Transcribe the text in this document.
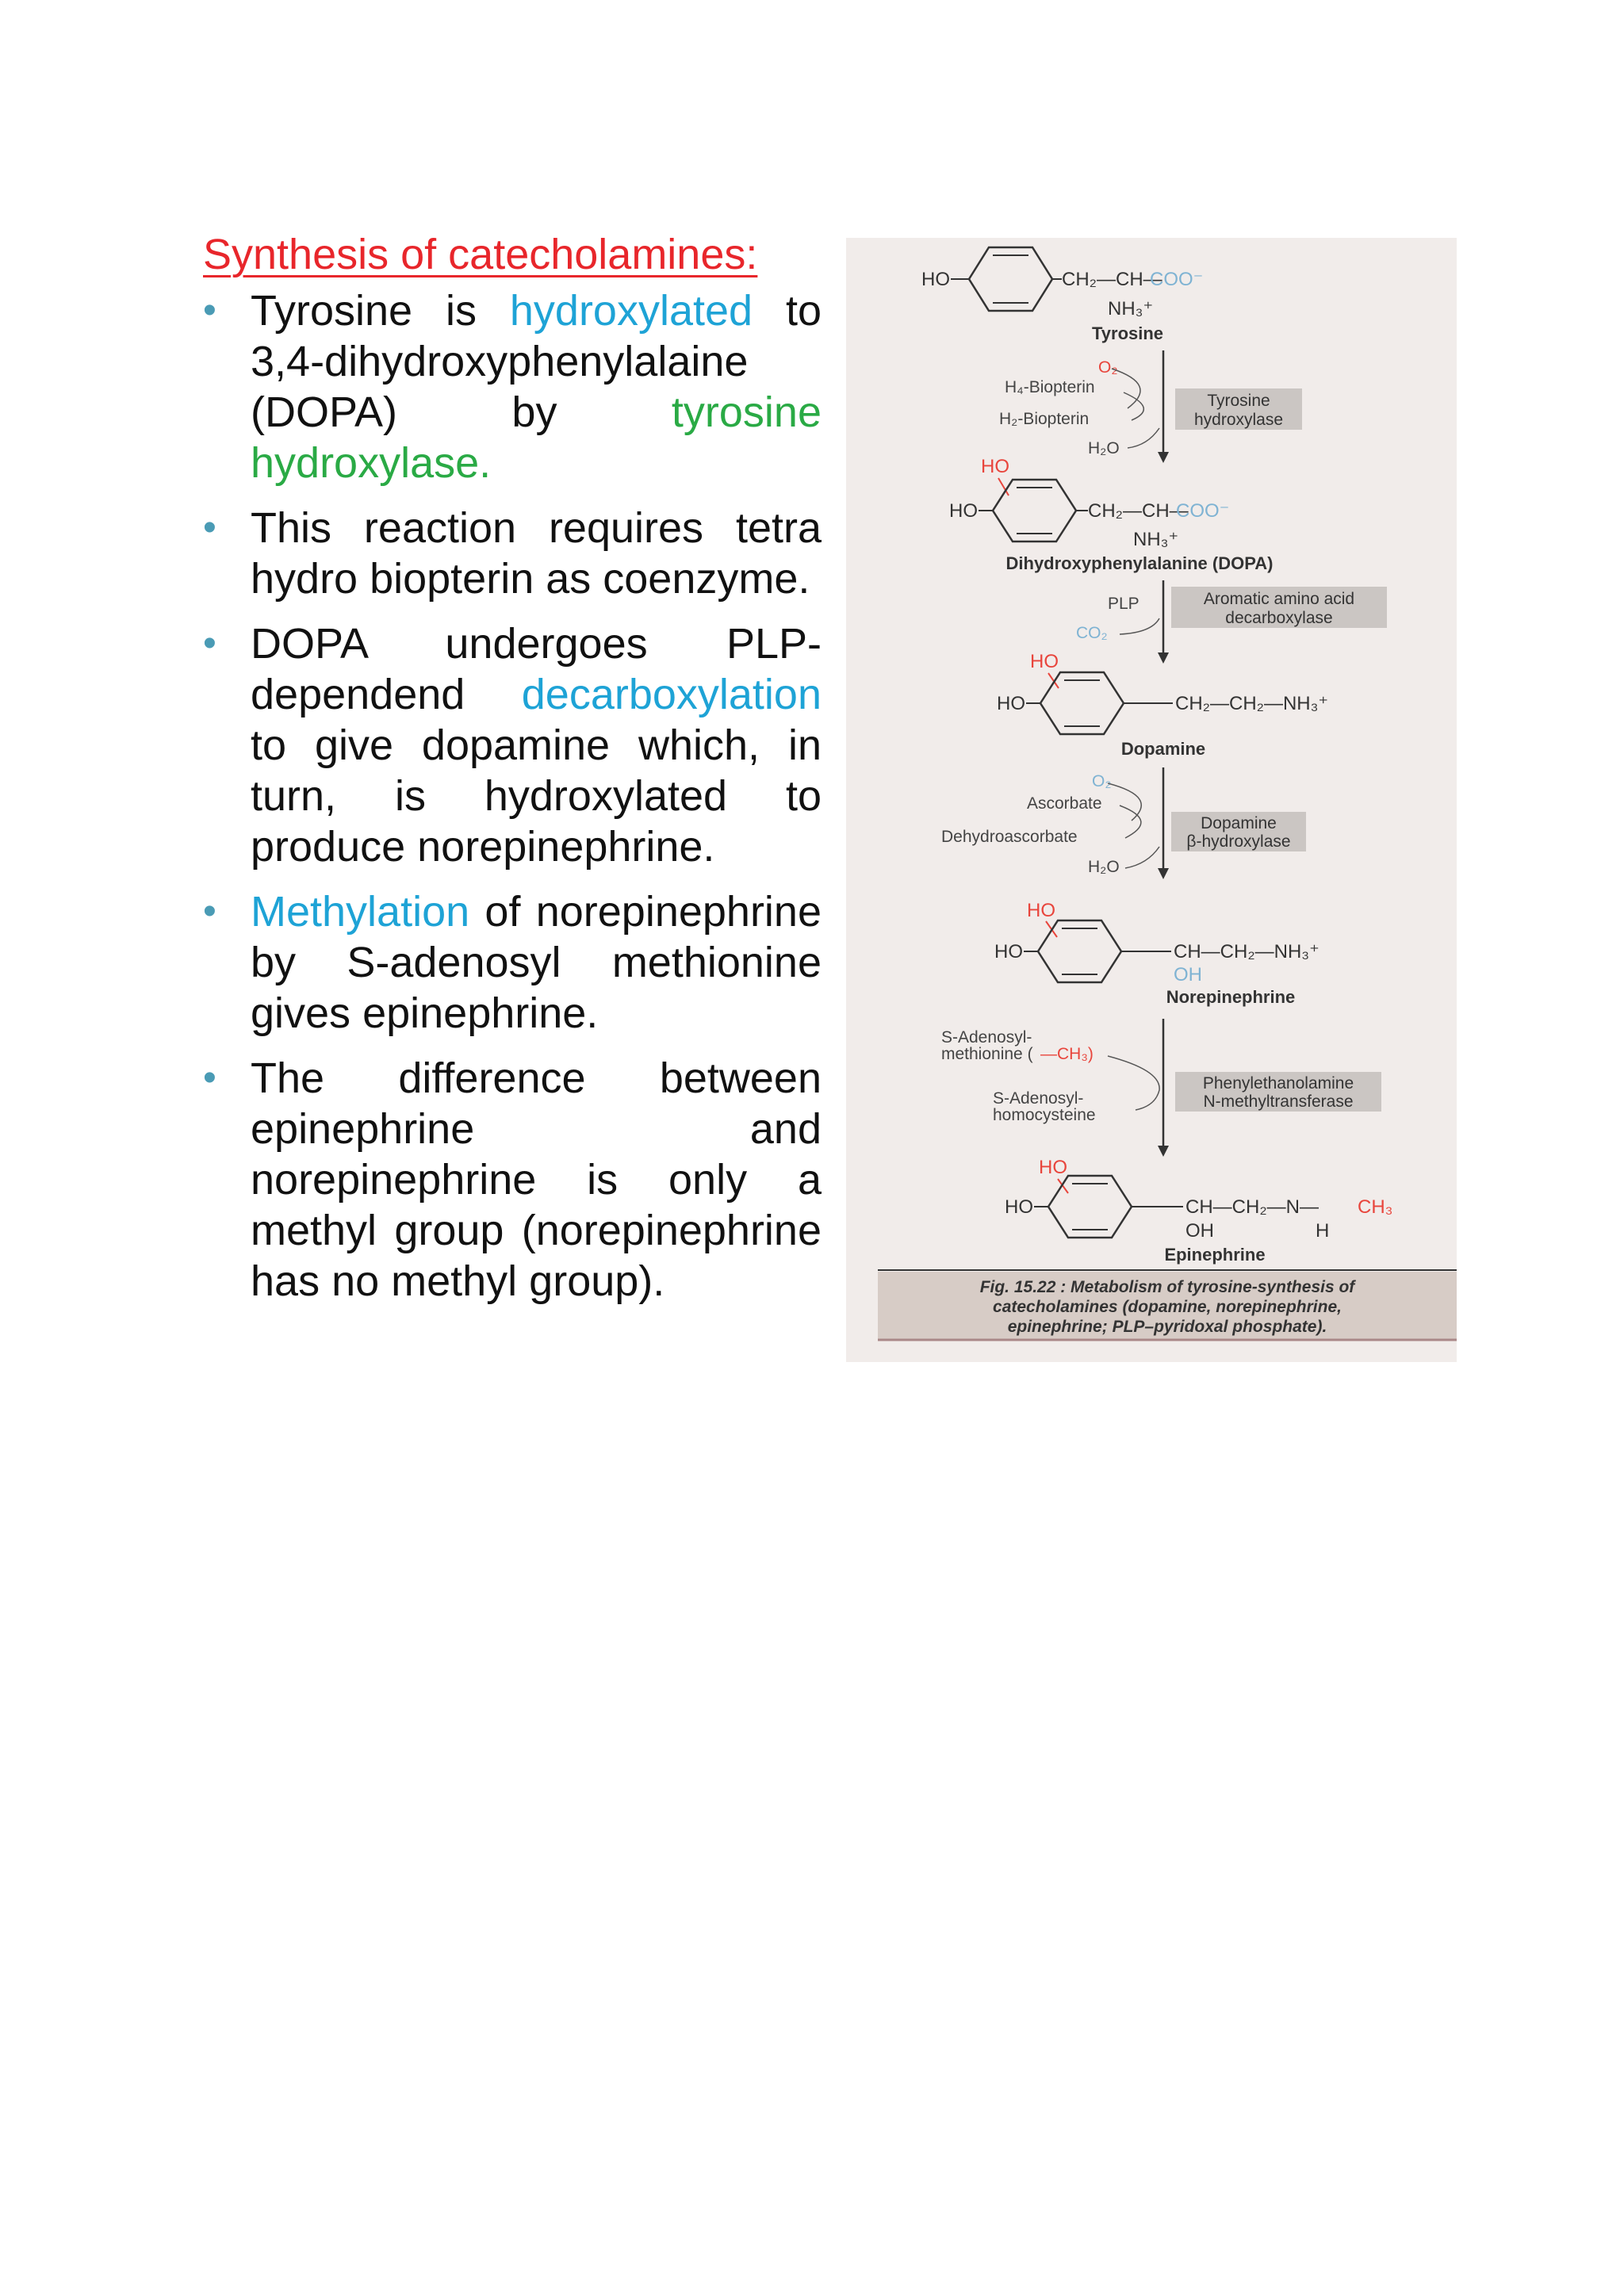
Synthesis of catecholamines:
• Tyrosine is hydroxylated to 3,4-dihydroxyphenylalaine (DOPA) by tyrosine hydroxylase.
• This reaction requires tetra hydro biopterin as coenzyme.
• DOPA undergoes PLP-dependend decarboxylation to give dopamine which, in turn, is hydroxylated to produce norepinephrine.
• Methylation of norepinephrine by S-adenosyl methionine gives epinephrine.
• The difference between epinephrine and norepinephrine is only a methyl group (norepinephrine has no methyl group).
HO	CH₂—CH—
COO⁻
NH₃⁺
Tyrosine
O₂
H₄-Biopterin
H₂-Biopterin
H₂O
Tyrosine
hydroxylase
HO
HO	CH₂—CH—
COO⁻
NH₃⁺
Dihydroxyphenylalanine (DOPA)
PLP
CO₂
Aromatic amino acid
decarboxylase
HO
HO	CH₂—CH₂—NH₃⁺
Dopamine
O₂
Ascorbate
Dehydroascorbate
H₂O
Dopamine
β-hydroxylase
HO
HO	CH—CH₂—NH₃⁺
OH
Norepinephrine
S-Adenosyl-
methionine ( —CH₃)
S-Adenosyl-
homocysteine
Phenylethanolamine
N-methyltransferase
HO
HO	CH—CH₂—N— CH₃
OH	H
Epinephrine
Fig. 15.22 : Metabolism of tyrosine-synthesis of
catecholamines (dopamine, norepinephrine,
epinephrine; PLP–pyridoxal phosphate).
